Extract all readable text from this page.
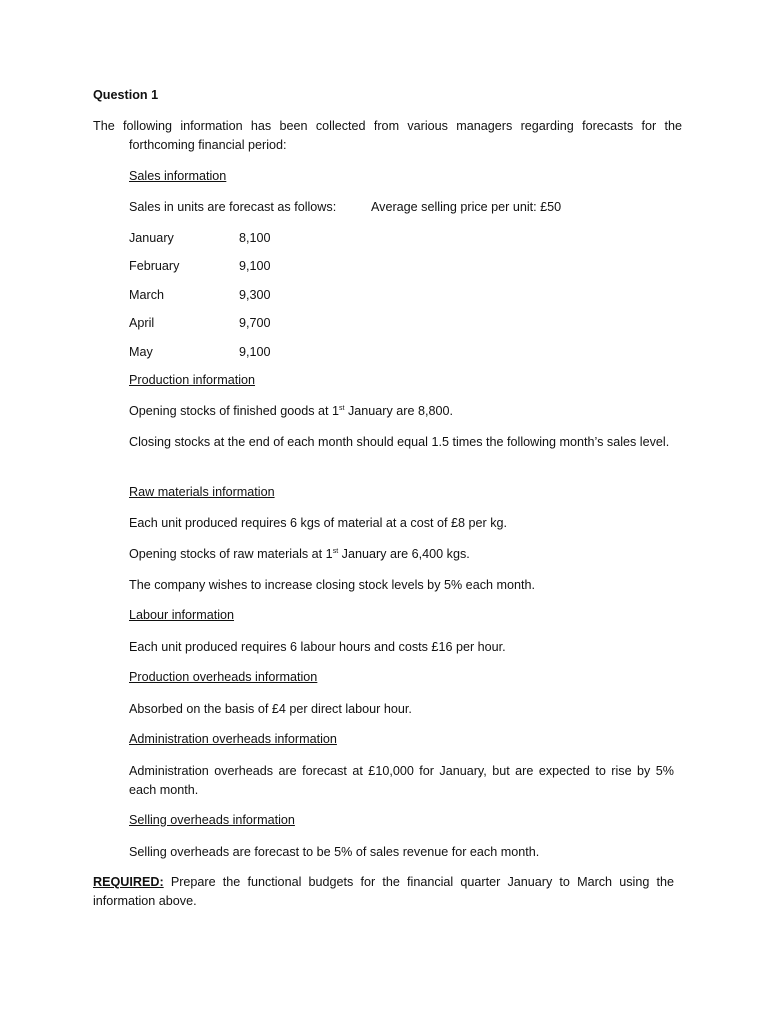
Question 1
The following information has been collected from various managers regarding forecasts for the forthcoming financial period:
Sales information
Sales in units are forecast as follows:	Average selling price per unit: £50
January	8,100
February	9,100
March	9,300
April	9,700
May	9,100
Production information
Opening stocks of finished goods at 1st January are 8,800.
Closing stocks at the end of each month should equal 1.5 times the following month’s sales level.
Raw materials information
Each unit produced requires 6 kgs of material at a cost of £8 per kg.
Opening stocks of raw materials at 1st January are 6,400 kgs.
The company wishes to increase closing stock levels by 5% each month.
Labour information
Each unit produced requires 6 labour hours and costs £16 per hour.
Production overheads information
Absorbed on the basis of £4 per direct labour hour.
Administration overheads information
Administration overheads are forecast at £10,000 for January, but are expected to rise by 5% each month.
Selling overheads information
Selling overheads are forecast to be 5% of sales revenue for each month.
REQUIRED: Prepare the functional budgets for the financial quarter January to March using the information above.
